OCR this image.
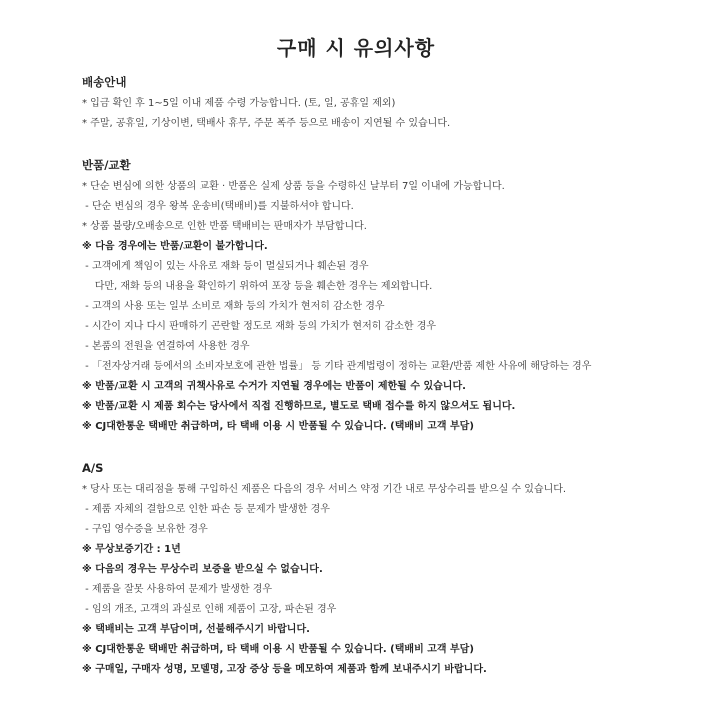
구매 시 유의사항
배송안내
* 입금 확인 후 1~5일 이내 제품 수령 가능합니다. (토, 일, 공휴일 제외)
* 주말, 공휴일, 기상이변, 택배사 휴무, 주문 폭주 등으로 배송이 지연될 수 있습니다.
반품/교환
* 단순 변심에 의한 상품의 교환 · 반품은 실제 상품 등을 수령하신 날부터 7일 이내에 가능합니다.
- 단순 변심의 경우 왕복 운송비(택배비)를 지불하셔야 합니다.
* 상품 불량/오배송으로 인한 반품 택배비는 판매자가 부담합니다.
※ 다음 경우에는 반품/교환이 불가합니다.
- 고객에게 책임이 있는 사유로 재화 등이 멸실되거나 훼손된 경우
다만, 재화 등의 내용을 확인하기 위하여 포장 등을 훼손한 경우는 제외합니다.
- 고객의 사용 또는 일부 소비로 재화 등의 가치가 현저히 감소한 경우
- 시간이 지나 다시 판매하기 곤란할 정도로 재화 등의 가치가 현저히 감소한 경우
- 본품의 전원을 연결하여 사용한 경우
- 「전자상거래 등에서의 소비자보호에 관한 법률」 등 기타 관계법령이 정하는 교환/반품 제한 사유에 해당하는 경우
※ 반품/교환 시 고객의 귀책사유로 수거가 지연될 경우에는 반품이 제한될 수 있습니다.
※ 반품/교환 시 제품 회수는 당사에서 직접 진행하므로, 별도로 택배 접수를 하지 않으셔도 됩니다.
※ CJ대한통운 택배만 취급하며, 타 택배 이용 시 반품될 수 있습니다. (택배비 고객 부담)
A/S
* 당사 또는 대리점을 통해 구입하신 제품은 다음의 경우 서비스 약정 기간 내로 무상수리를 받으실 수 있습니다.
- 제품 자체의 결함으로 인한 파손 등 문제가 발생한 경우
- 구입 영수증을 보유한 경우
※ 무상보증기간 : 1년
※ 다음의 경우는 무상수리 보증을 받으실 수 없습니다.
- 제품을 잘못 사용하여 문제가 발생한 경우
- 임의 개조, 고객의 과실로 인해 제품이 고장, 파손된 경우
※ 택배비는 고객 부담이며, 선불해주시기 바랍니다.
※ CJ대한통운 택배만 취급하며, 타 택배 이용 시 반품될 수 있습니다. (택배비 고객 부담)
※ 구매일, 구매자 성명, 모델명, 고장 증상 등을 메모하여 제품과 함께 보내주시기 바랍니다.
